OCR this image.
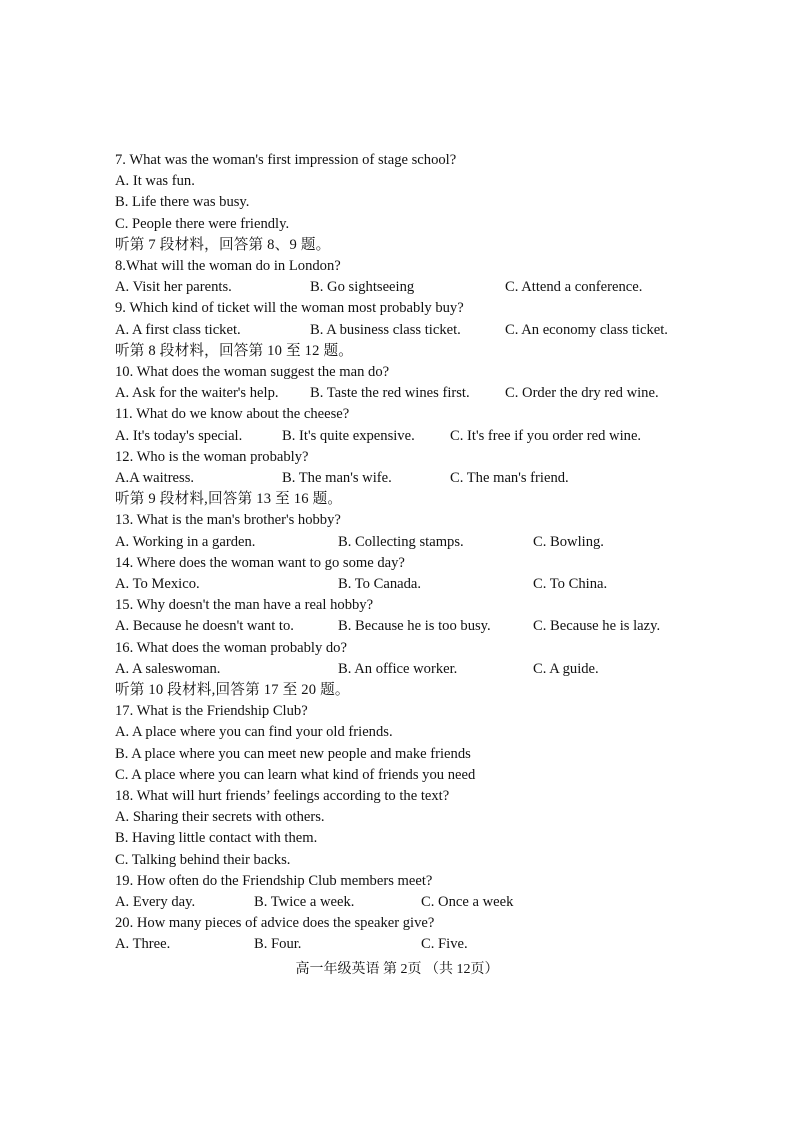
高一年级英语 第 2页 （共 12页）
7. What was the woman's first impression of stage school?
A. It was fun.
B. Life there was busy.
C. People there were friendly.
听第 7 段材料，回答第 8、9 题。
8.What will the woman do in London?
A. Visit her parents.	B. Go sightseeing	C. Attend a conference.
9. Which kind of ticket will the woman most probably buy?
A. A first class ticket.	B. A business class ticket.	C. An economy class ticket.
听第 8 段材料，回答第 10 至 12 题。
10. What does the woman suggest the man do?
A. Ask for the waiter's help. B. Taste the red wines first. C. Order the dry red wine.
11. What do we know about the cheese?
A. It's today's special.	B. It's quite expensive. C. It's free if you order red wine.
12. Who is the woman probably?
A.A waitress.	B. The man's wife.	C. The man's friend.
听第 9 段材料,回答第 13 至 16 题。
13. What is the man's brother's hobby?
A. Working in a garden.	B. Collecting stamps.	C. Bowling.
14. Where does the woman want to go some day?
A. To Mexico.	B. To Canada.	C. To China.
15. Why doesn't the man have a real hobby?
A. Because he doesn't want to.	B. Because he is too busy.	C. Because he is lazy.
16. What does the woman probably do?
A. A saleswoman.	B. An office worker.	C. A guide.
听第 10 段材料,回答第 17 至 20 题。
17. What is the Friendship Club?
A. A place where you can find your old friends.
B. A place where you can meet new people and make friends
C. A place where you can learn what kind of friends you need
18. What will hurt friends’ feelings according to the text?
A. Sharing their secrets with others.
B. Having little contact with them.
C. Talking behind their backs.
19. How often do the Friendship Club members meet?
A. Every day.	B. Twice a week.	C. Once a week
20. How many pieces of advice does the speaker give?
A. Three.	B. Four.	C. Five.
